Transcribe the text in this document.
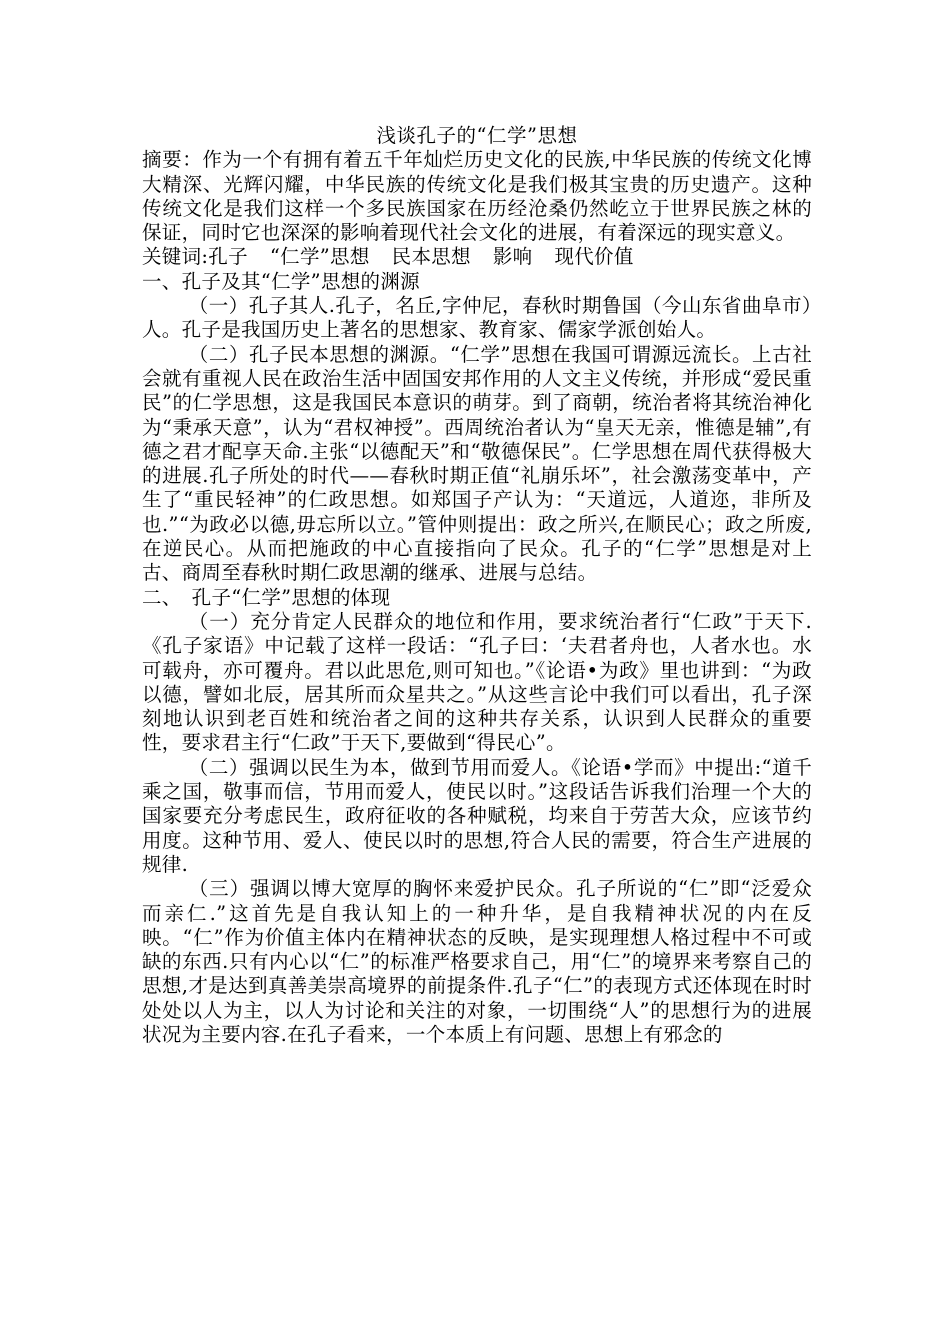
浅谈孔子的“仁学”思想

摘要：作为一个有拥有着五千年灿烂历史文化的民族,中华民族的传统文化博大精深、光辉闪耀，中华民族的传统文化是我们极其宝贵的历史遗产。这种传统文化是我们这样一个多民族国家在历经沧桑仍然屹立于世界民族之林的保证，同时它也深深的影响着现代社会文化的进展，有着深远的现实意义。

关键词:孔子 “仁学”思想 民本思想 影响 现代价值

一、孔子及其“仁学”思想的渊源

（一）孔子其人.孔子，名丘,字仲尼，春秋时期鲁国（今山东省曲阜市）人。孔子是我国历史上著名的思想家、教育家、儒家学派创始人。

（二）孔子民本思想的渊源。“仁学”思想在我国可谓源远流长。上古社会就有重视人民在政治生活中固国安邦作用的人文主义传统，并形成“爱民重民”的仁学思想，这是我国民本意识的萌芽。到了商朝，统治者将其统治神化为“秉承天意”，认为“君权神授”。西周统治者认为“皇天无亲，惟德是辅”,有德之君才配享天命.主张“以德配天”和“敬德保民”。仁学思想在周代获得极大的进展.孔子所处的时代——春秋时期正值“礼崩乐坏”，社会激荡变革中，产生了“重民轻神”的仁政思想。如郑国子产认为：“天道远，人道迩，非所及也.”“为政必以德,毋忘所以立。”管仲则提出：政之所兴,在顺民心；政之所废,在逆民心。从而把施政的中心直接指向了民众。孔子的“仁学”思想是对上古、商周至春秋时期仁政思潮的继承、进展与总结。

二、　孔子“仁学”思想的体现

（一）充分肯定人民群众的地位和作用，要求统治者行“仁政”于天下.《孔子家语》中记载了这样一段话：“孔子曰：‘夫君者舟也，人者水也。水可载舟，亦可覆舟。君以此思危,则可知也。”《论语•为政》里也讲到：“为政以德，譬如北辰，居其所而众星共之。”从这些言论中我们可以看出，孔子深刻地认识到老百姓和统治者之间的这种共存关系，认识到人民群众的重要性，要求君主行“仁政”于天下,要做到“得民心”。

（二）强调以民生为本，做到节用而爱人。《论语•学而》中提出:“道千乘之国，敬事而信，节用而爱人，使民以时。”这段话告诉我们治理一个大的国家要充分考虑民生，政府征收的各种赋税，均来自于劳苦大众，应该节约用度。这种节用、爱人、使民以时的思想,符合人民的需要，符合生产进展的规律.

（三）强调以博大宽厚的胸怀来爱护民众。孔子所说的“仁”即“泛爱众而亲仁.”这首先是自我认知上的一种升华，是自我精神状况的内在反映。“仁”作为价值主体内在精神状态的反映，是实现理想人格过程中不可或缺的东西.只有内心以“仁”的标准严格要求自己，用“仁”的境界来考察自己的思想,才是达到真善美崇高境界的前提条件.孔子“仁”的表现方式还体现在时时处处以人为主，以人为讨论和关注的对象，一切围绕“人”的思想行为的进展状况为主要内容.在孔子看来，一个本质上有问题、思想上有邪念的
